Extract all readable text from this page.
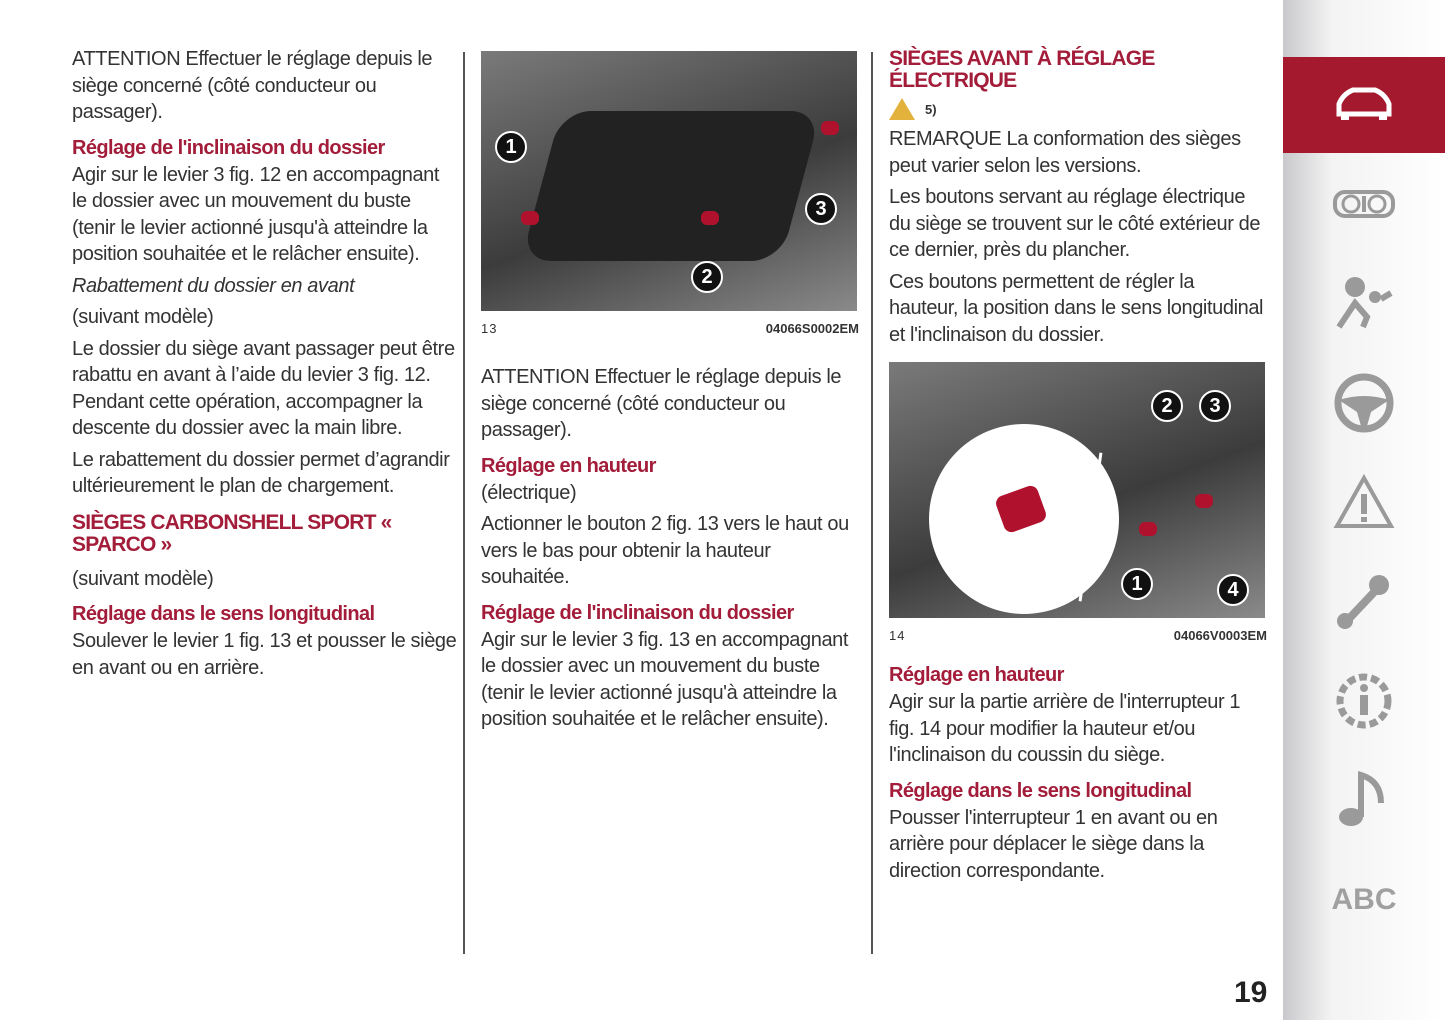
ATTENTION Effectuer le réglage depuis le siège concerné (côté conducteur ou passager).

Réglage de l'inclinaison du dossier

Agir sur le levier 3 fig. 12 en accompagnant le dossier avec un mouvement du buste (tenir le levier actionné jusqu'à atteindre la position souhaitée et le relâcher ensuite).

Rabattement du dossier en avant

(suivant modèle)

Le dossier du siège avant passager peut être rabattu en avant à l’aide du levier 3 fig. 12. Pendant cette opération, accompagner la descente du dossier avec la main libre.

Le rabattement du dossier permet d’agrandir ultérieurement le plan de chargement.

SIÈGES CARBONSHELL SPORT « SPARCO »

(suivant modèle)

Réglage dans le sens longitudinal

Soulever le levier 1 fig. 13 et pousser le siège en avant ou en arrière.

1
2
3
13	04066S0002EM

ATTENTION Effectuer le réglage depuis le siège concerné (côté conducteur ou passager).

Réglage en hauteur

(électrique)

Actionner le bouton 2 fig. 13 vers le haut ou vers le bas pour obtenir la hauteur souhaitée.

Réglage de l'inclinaison du dossier

Agir sur le levier 3 fig. 13 en accompagnant le dossier avec un mouvement du buste (tenir le levier actionné jusqu'à atteindre la position souhaitée et le relâcher ensuite).

SIÈGES AVANT À RÉGLAGE ÉLECTRIQUE
5)

REMARQUE La conformation des sièges peut varier selon les versions.

Les boutons servant au réglage électrique du siège se trouvent sur le côté extérieur de ce dernier, près du plancher.

Ces boutons permettent de régler la hauteur, la position dans le sens longitudinal et l'inclinaison du dossier.

1
2	3
4
14	04066V0003EM
Réglage en hauteur

Agir sur la partie arrière de l'interrupteur 1 fig. 14 pour modifier la hauteur et/ou l'inclinaison du coussin du siège.

Réglage dans le sens longitudinal

Pousser l'interrupteur 1 en avant ou en arrière pour déplacer le siège dans la direction correspondante.

19
ABC
